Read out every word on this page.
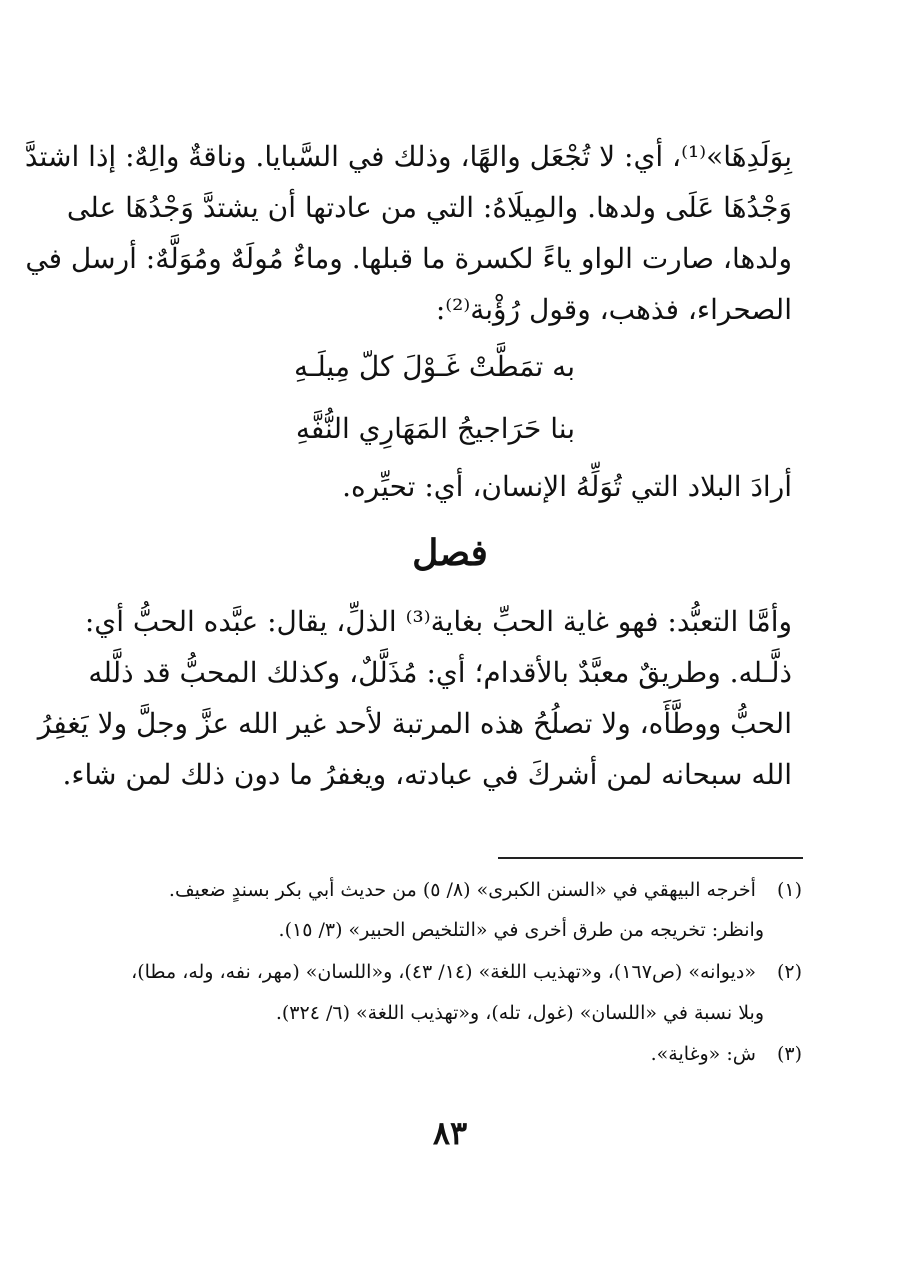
بِوَلَدِهَا»⁽¹⁾، أي: لا تُجْعَل والهًا، وذلك في السَّبايا. وناقةٌ والِهٌ: إذا اشتدَّ
وَجْدُهَا عَلَى ولدها. والمِيلَاهُ: التي من عادتها أن يشتدَّ وَجْدُهَا على
ولدها، صارت الواو ياءً لكسرة ما قبلها. وماءٌ مُولَهٌ ومُوَلَّهٌ: أرسل في
الصحراء، فذهب، وقول رُؤْبة⁽²⁾:
به تمَطَّتْ غَـوْلَ كلّ مِيلَـهِ
بنا حَرَاجيجُ المَهَارِي النُّفَّهِ
أرادَ البلاد التي تُوَلِّهُ الإنسان، أي: تحيِّره.
فصل
وأمَّا التعبُّد: فهو غاية الحبِّ بغاية⁽³⁾ الذلِّ، يقال: عبَّده الحبُّ أي:
ذلَّـله. وطريقٌ معبَّدٌ بالأقدام؛ أي: مُذَلَّلٌ، وكذلك المحبُّ قد ذلَّله
الحبُّ ووطَّأَه، ولا تصلُحُ هذه المرتبة لأحد غير الله عزَّ وجلَّ ولا يَغفِرُ
الله سبحانه لمن أشركَ في عبادته، ويغفرُ ما دون ذلك لمن شاء.
(١) أخرجه البيهقي في «السنن الكبرى» (٨/ ٥) من حديث أبي بكر بسندٍ ضعيف.
وانظر: تخريجه من طرق أخرى في «التلخيص الحبير» (٣/ ١٥).
(٢) «ديوانه» (ص١٦٧)، و«تهذيب اللغة» (١٤/ ٤٣)، و«اللسان» (مهر، نفه، وله، مطا)،
وبلا نسبة في «اللسان» (غول، تله)، و«تهذيب اللغة» (٦/ ٣٢٤).
(٣) ش: «وغاية».
٨٣
